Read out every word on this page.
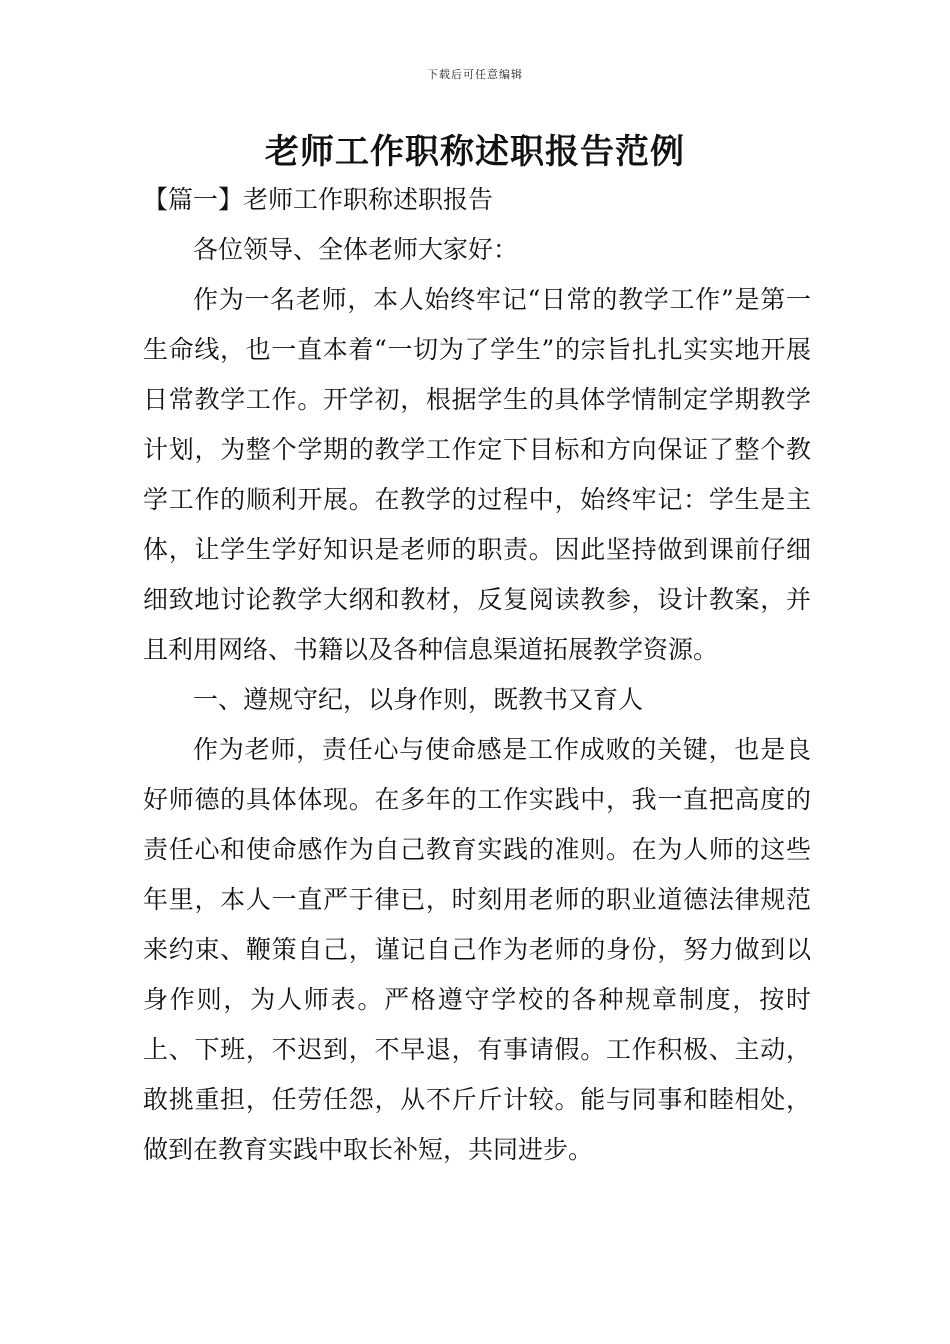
下载后可任意编辑
老师工作职称述职报告范例
【篇一】老师工作职称述职报告

各位领导、全体老师大家好：

作为一名老师，本人始终牢记“日常的教学工作”是第一生命线，也一直本着“一切为了学生”的宗旨扎扎实实地开展日常教学工作。开学初，根据学生的具体学情制定学期教学计划，为整个学期的教学工作定下目标和方向保证了整个教学工作的顺利开展。在教学的过程中，始终牢记：学生是主体，让学生学好知识是老师的职责。因此坚持做到课前仔细细致地讨论教学大纲和教材，反复阅读教参，设计教案，并且利用网络、书籍以及各种信息渠道拓展教学资源。

一、遵规守纪，以身作则，既教书又育人

作为老师，责任心与使命感是工作成败的关键，也是良好师德的具体体现。在多年的工作实践中，我一直把高度的责任心和使命感作为自己教育实践的准则。在为人师的这些年里，本人一直严于律已，时刻用老师的职业道德法律规范来约束、鞭策自己，谨记自己作为老师的身份，努力做到以身作则，为人师表。严格遵守学校的各种规章制度，按时上、下班，不迟到，不早退，有事请假。工作积极、主动，敢挑重担，任劳任怨，从不斤斤计较。能与同事和睦相处，做到在教育实践中取长补短，共同进步。
